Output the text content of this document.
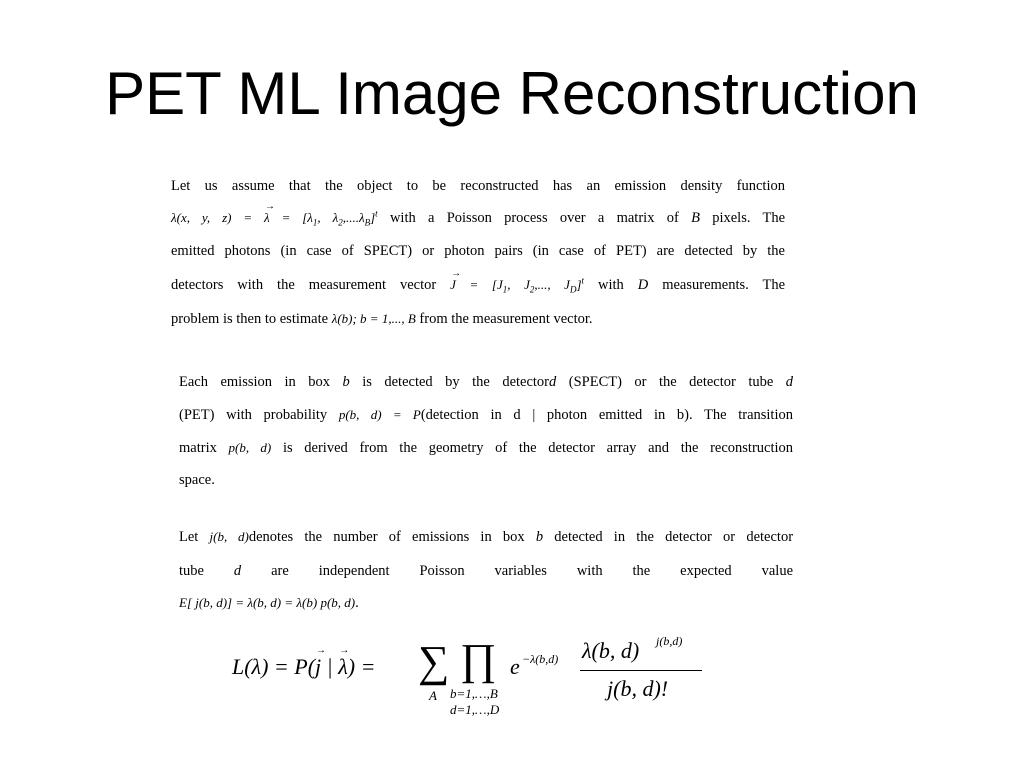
PET ML Image Reconstruction
Let us assume that the object to be reconstructed has an emission density function
λ(x, y, z) = → $\lambda = [\lambda_1$, $\lambda_2,....\lambda_B]^t$ with a Poisson process over a matrix of B pixels. The
emitted photons (in case of SPECT) or photon pairs (in case of PET) are detected by the
detectors with the measurement vector → $J = [J_1$, $J_2$,..., $J_D]^t$ with D measurements. The
problem is then to estimate λ(b); b = 1,..., B from the measurement vector.
Each emission in box b is detected by the detectord (SPECT) or the detector tube d
(PET) with probability p(b, d) = P(detection in d | photon emitted in b). The transition
matrix p(b, d) is derived from the geometry of the detector array and the reconstruction
space.
Let j(b, d)denotes the number of emissions in box b detected in the detector or detector
tube d are independent Poisson variables with the expected value
E[ j(b, d)] = λ(b, d) = λ(b) p(b, d).
L(λ) = P(→ j | → λ) = ∑
A
∏
b=1,…,B
d=1,…,D
e −λ(b,d) λ(b, d) j(b,d)
j(b, d)!
